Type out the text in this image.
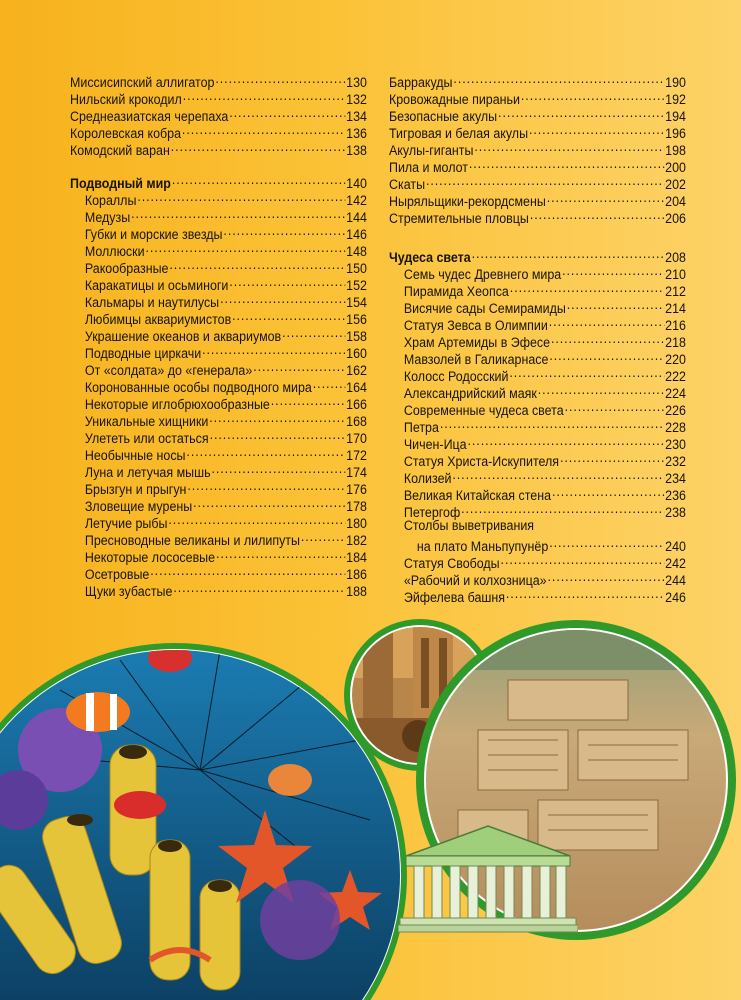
Миссисипский аллигатор .....	130
Нильский крокодил .....	132
Среднеазиатская черепаха .....	134
Королевская кобра .....	136
Комодский варан .....	138
Подводный мир .....	140
Кораллы .....	142
Медузы .....	144
Губки и морские звезды .....	146
Моллюски .....	148
Ракообразные .....	150
Каракатицы и осьминоги .....	152
Кальмары и наутилусы .....	154
Любимцы аквариумистов .....	156
Украшение океанов и аквариумов .....	158
Подводные циркачи .....	160
От «солдата» до «генерала» .....	162
Коронованные особы подводного мира .....	164
Некоторые иглобрюхообразные .....	166
Уникальные хищники .....	168
Улететь или остаться .....	170
Необычные носы .....	172
Луна и летучая мышь .....	174
Брызгун и прыгун .....	176
Зловещие мурены .....	178
Летучие рыбы .....	180
Пресноводные великаны и лилипуты .....	182
Некоторые лососевые .....	184
Осетровые .....	186
Щуки зубастые .....	188
Барракуды .....	190
Кровожадные пираньи .....	192
Безопасные акулы .....	194
Тигровая и белая акулы .....	196
Акулы-гиганты .....	198
Пила и молот .....	200
Скаты .....	202
Ныряльщики-рекордсмены .....	204
Стремительные пловцы .....	206
Чудеса света .....	208
Семь чудес Древнего мира .....	210
Пирамида Хеопса .....	212
Висячие сады Семирамиды .....	214
Статуя Зевса в Олимпии .....	216
Храм Артемиды в Эфесе .....	218
Мавзолей в Галикарнасе .....	220
Колосс Родосский .....	222
Александрийский маяк .....	224
Современные чудеса света .....	226
Петра .....	228
Чичен-Ица .....	230
Статуя Христа-Искупителя .....	232
Колизей .....	234
Великая Китайская стена .....	236
Петергоф .....	238
Столбы выветривания
на плато Маньпупунёр .....	240
Статуя Свободы .....	242
«Рабочий и колхозница» .....	244
Эйфелева башня .....	246
